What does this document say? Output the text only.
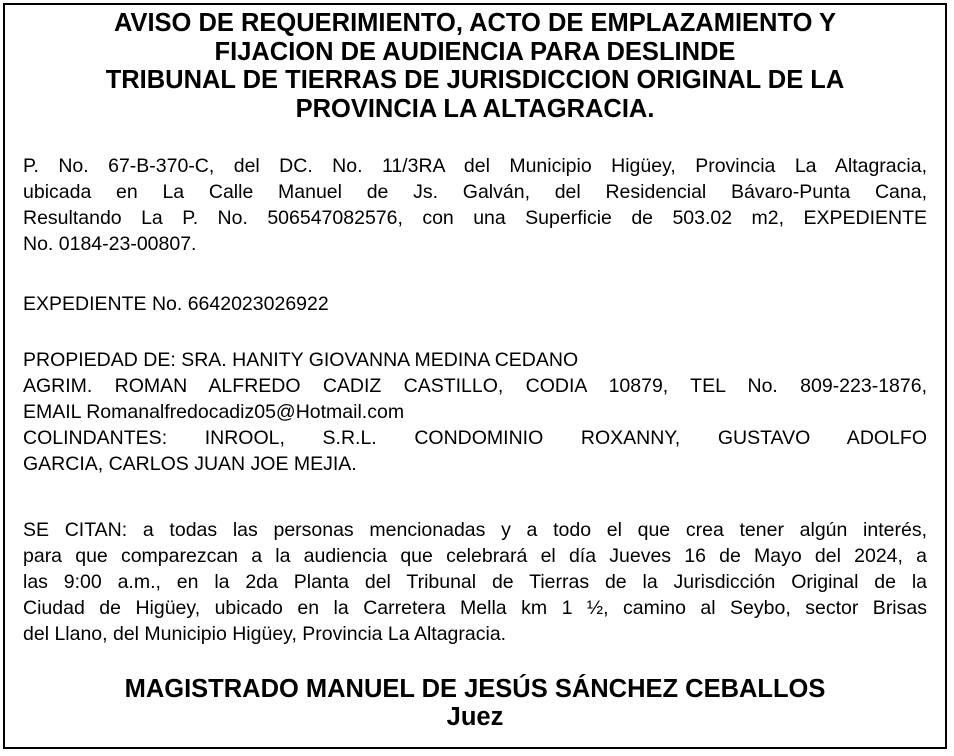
AVISO DE REQUERIMIENTO, ACTO DE EMPLAZAMIENTO Y
FIJACION DE AUDIENCIA PARA DESLINDE
TRIBUNAL DE TIERRAS DE JURISDICCION ORIGINAL DE LA
PROVINCIA LA ALTAGRACIA.
P. No. 67-B-370-C, del DC. No. 11/3RA del Municipio Higüey, Provincia La Altagracia,
ubicada en La Calle Manuel de Js. Galván, del Residencial Bávaro-Punta Cana,
Resultando La P. No. 506547082576, con una Superficie de 503.02 m2, EXPEDIENTE
No. 0184-23-00807.
EXPEDIENTE No. 6642023026922
PROPIEDAD DE: SRA. HANITY GIOVANNA MEDINA CEDANO
AGRIM. ROMAN ALFREDO CADIZ CASTILLO, CODIA 10879, TEL No. 809-223-1876,
EMAIL Romanalfredocadiz05@Hotmail.com
COLINDANTES: INROOL, S.R.L. CONDOMINIO ROXANNY, GUSTAVO ADOLFO
GARCIA, CARLOS JUAN JOE MEJIA.
SE CITAN: a todas las personas mencionadas y a todo el que crea tener algún interés,
para que comparezcan a la audiencia que celebrará el día Jueves 16 de Mayo del 2024, a
las 9:00 a.m., en la 2da Planta del Tribunal de Tierras de la Jurisdicción Original de la
Ciudad de Higüey, ubicado en la Carretera Mella km 1 ½, camino al Seybo, sector Brisas
del Llano, del Municipio Higüey, Provincia La Altagracia.
MAGISTRADO MANUEL DE JESÚS SÁNCHEZ CEBALLOS
Juez
